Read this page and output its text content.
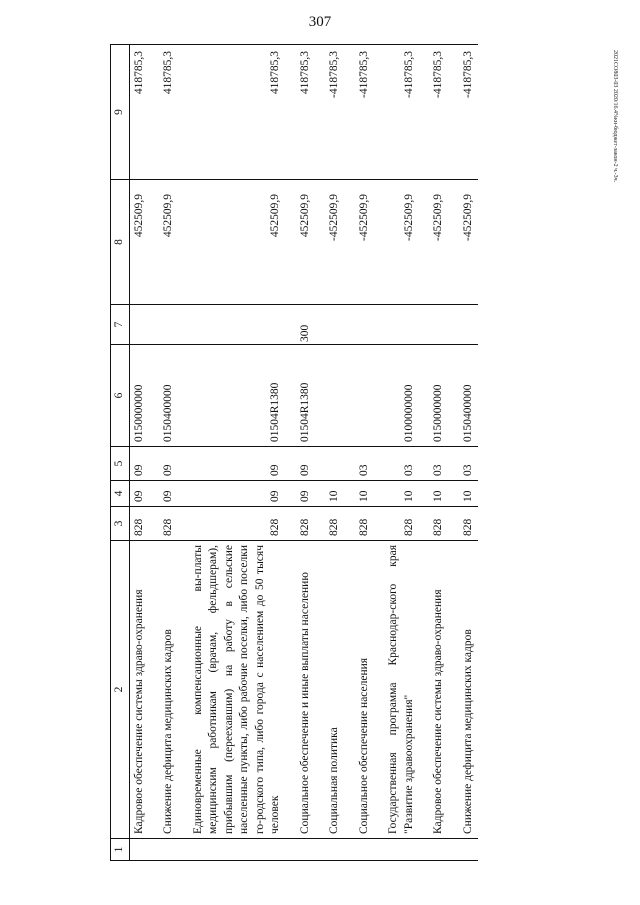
307
2021CO803-03 2020/16.4%кн-бюджет-закон-2 ч.-3ч.
1	2	3	4	5	6	7	8	9
	Кадровое обеспечение системы здраво-охранения	828	09	09	0150000000		452509,9	418785,3

	Снижение дефицита медицинских кадров	828	09	09	0150400000		452509,9	418785,3

	Единовременные компенсационные вы-платы медицинским работникам (врачам, фельдшерам), прибывшим (переехавшим) на работу в сельские населенные пункты, либо рабочие поселки, либо поселки го-родского типа, либо города с населением до 50 тысяч человек	828	09	09	01504R1380		452509,9	418785,3

	Социальное обеспечение и иные выплаты населению	828	09	09	01504R1380	300	452509,9	418785,3

	Социальная политика	828	10				-452509,9	-418785,3

	Социальное обеспечение населения	828	10	03			-452509,9	-418785,3

	Государственная программа Краснодар-ского края "Развитие здравоохранения"	828	10	03	0100000000		-452509,9	-418785,3

	Кадровое обеспечение системы здраво-охранения	828	10	03	0150000000		-452509,9	-418785,3

	Снижение дефицита медицинских кадров	828	10	03	0150400000		-452509,9	-418785,3
